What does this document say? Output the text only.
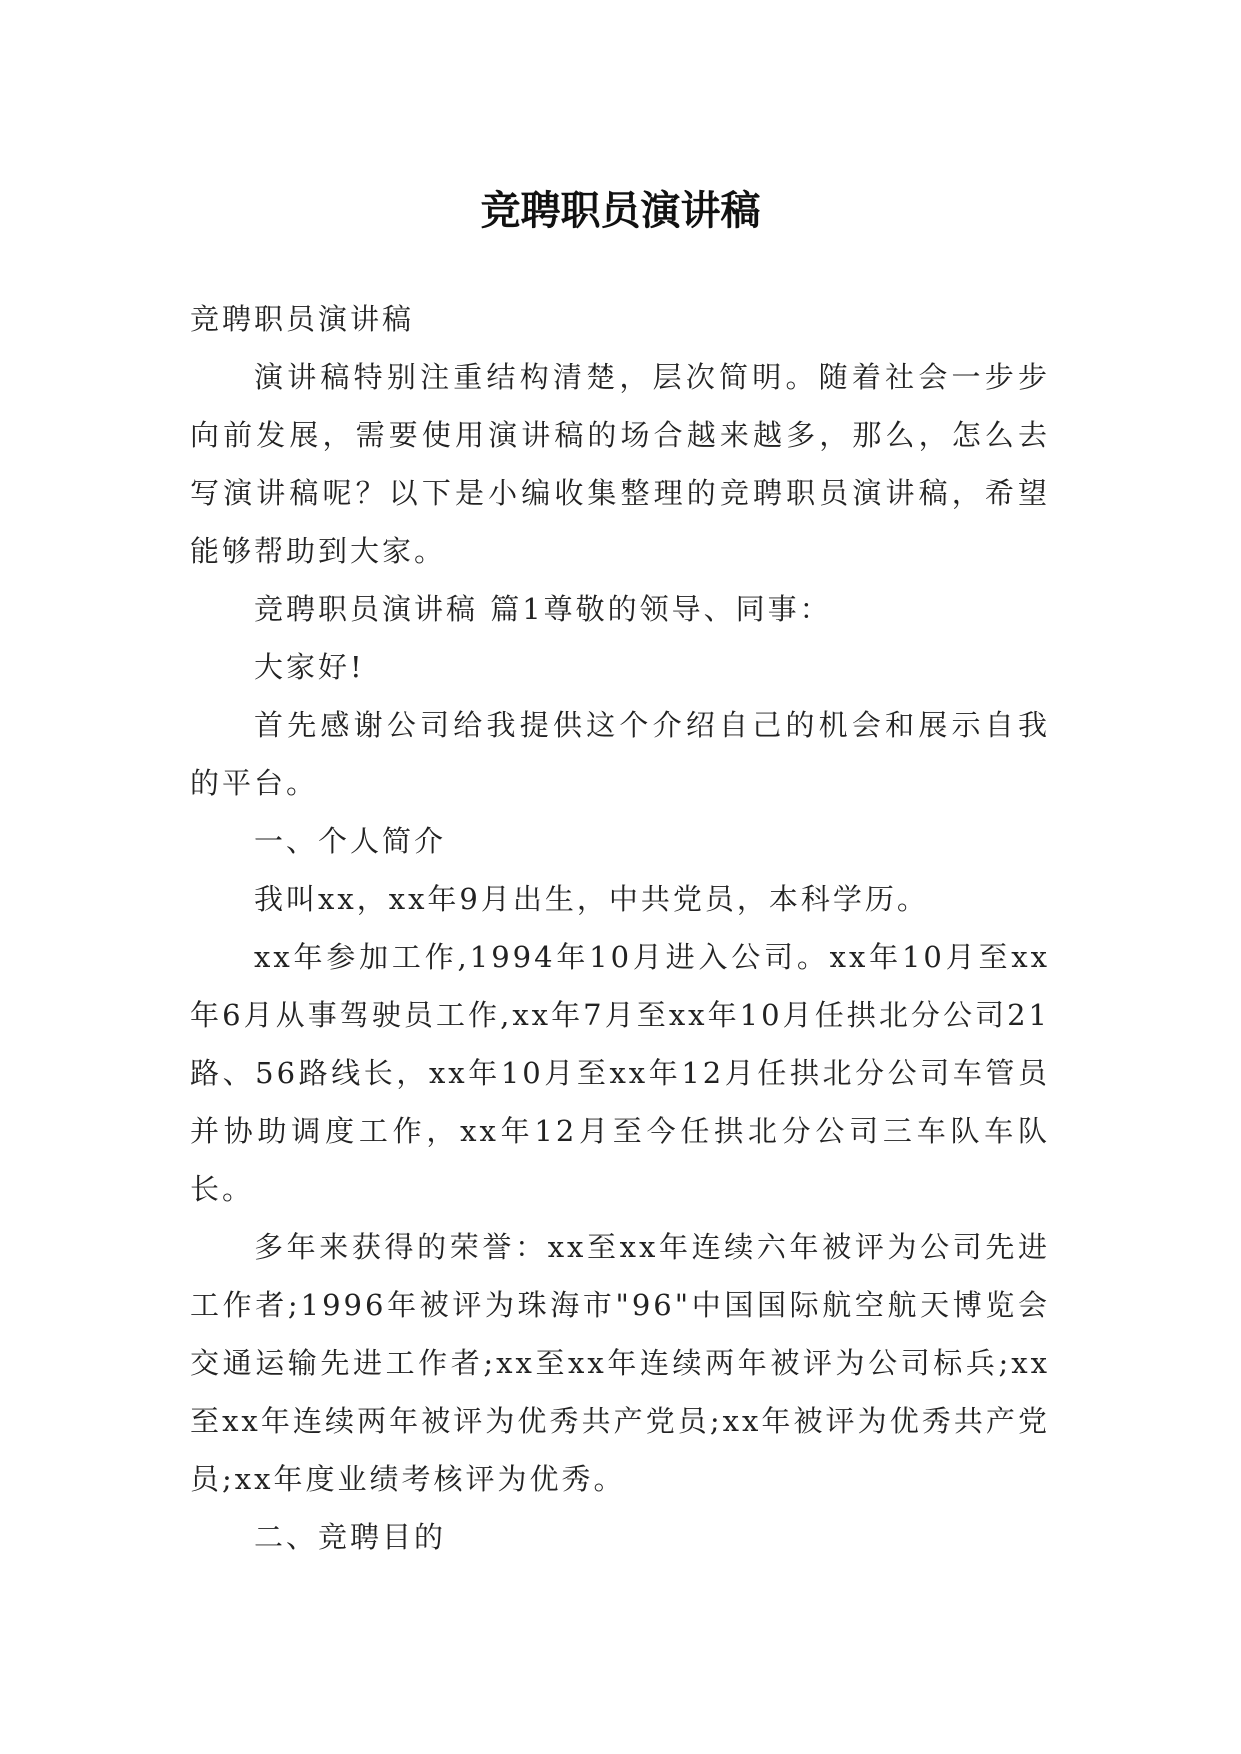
竞聘职员演讲稿

竞聘职员演讲稿

演讲稿特别注重结构清楚，层次简明。随着社会一步步向前发展，需要使用演讲稿的场合越来越多，那么，怎么去写演讲稿呢？以下是小编收集整理的竞聘职员演讲稿，希望能够帮助到大家。

竞聘职员演讲稿 篇1尊敬的领导、同事：

大家好!

首先感谢公司给我提供这个介绍自己的机会和展示自我的平台。

一、个人简介

我叫xx，xx年9月出生，中共党员，本科学历。

xx年参加工作,1994年10月进入公司。xx年10月至xx年6月从事驾驶员工作,xx年7月至xx年10月任拱北分公司21路、56路线长，xx年10月至xx年12月任拱北分公司车管员并协助调度工作，xx年12月至今任拱北分公司三车队车队长。

多年来获得的荣誉：xx至xx年连续六年被评为公司先进工作者;1996年被评为珠海市"96"中国国际航空航天博览会交通运输先进工作者;xx至xx年连续两年被评为公司标兵;xx至xx年连续两年被评为优秀共产党员;xx年被评为优秀共产党员;xx年度业绩考核评为优秀。

二、竞聘目的
